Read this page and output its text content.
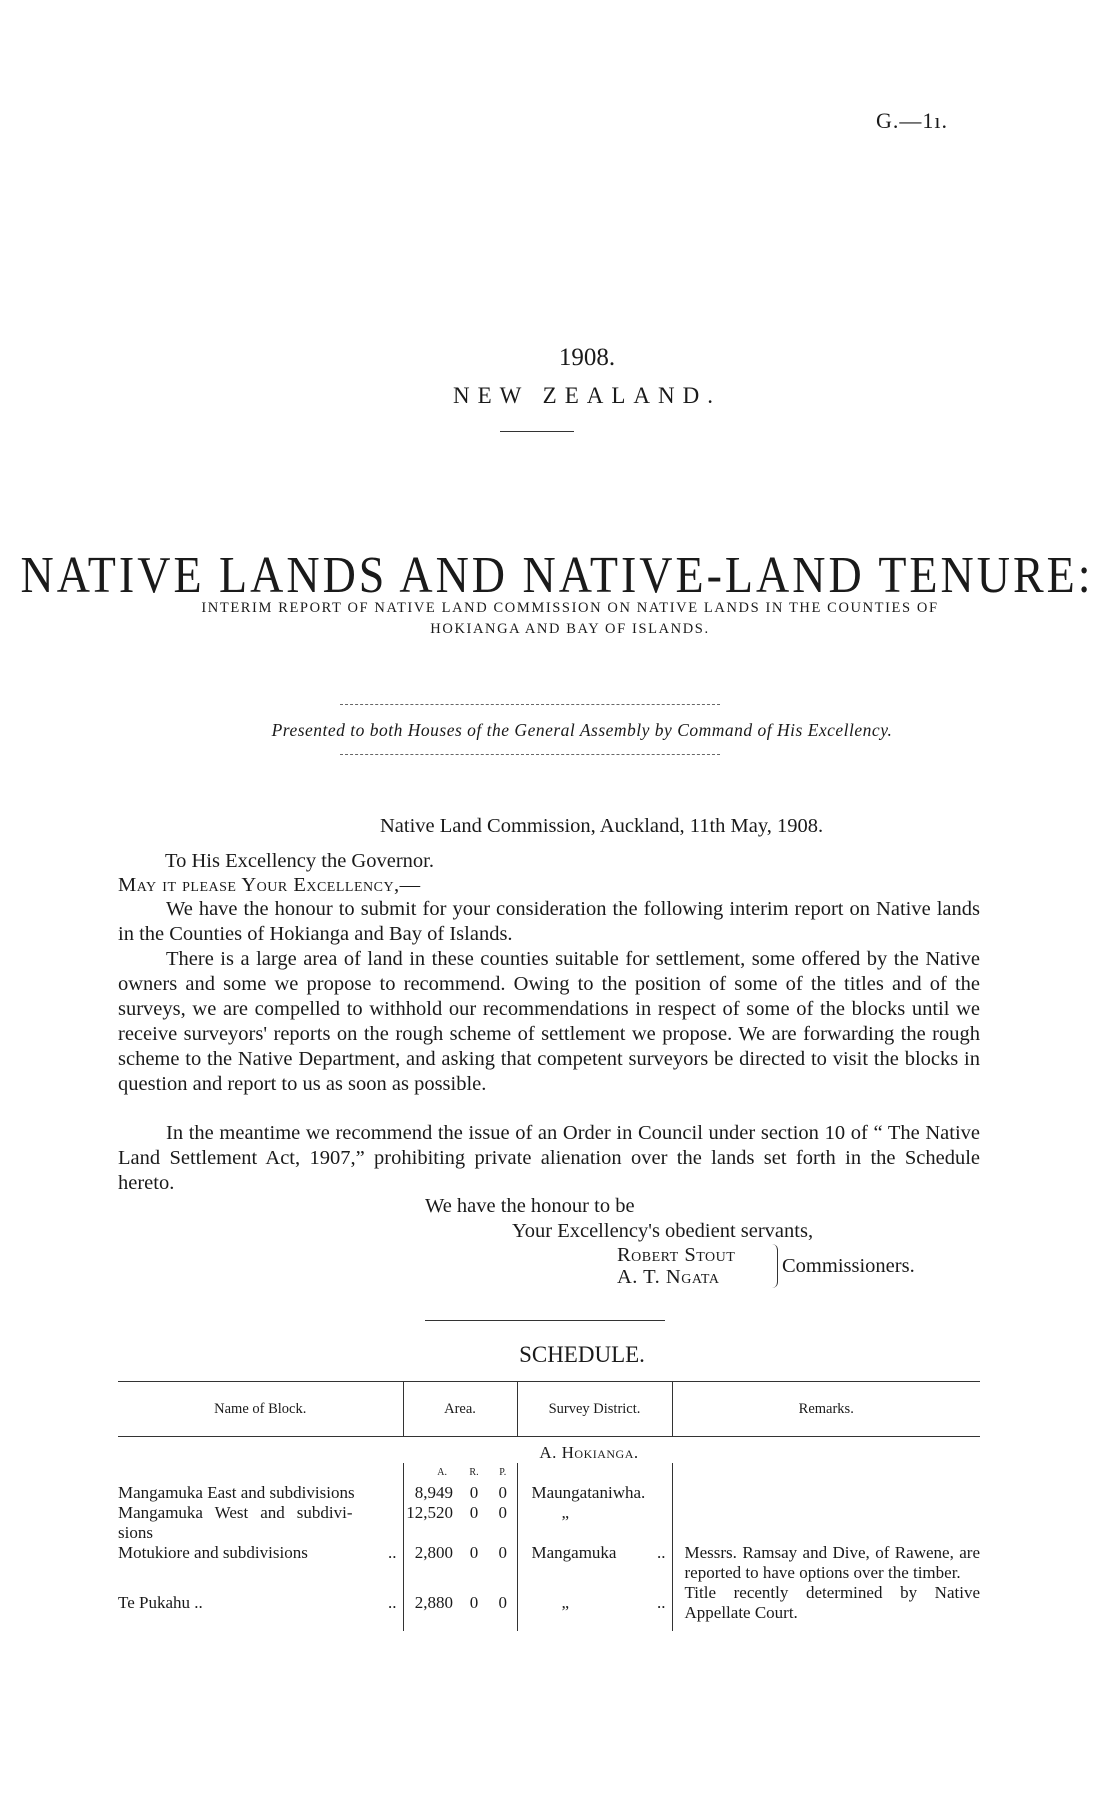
G.—1ı.
1908.
NEW ZEALAND.
NATIVE LANDS AND NATIVE-LAND TENURE:
INTERIM REPORT OF NATIVE LAND COMMISSION ON NATIVE LANDS IN THE COUNTIES OF
HOKIANGA AND BAY OF ISLANDS.
Presented to both Houses of the General Assembly by Command of His Excellency.
Native Land Commission, Auckland, 11th May, 1908.
To His Excellency the Governor.
May it please Your Excellency,—
We have the honour to submit for your consideration the following interim report on Native lands in the Counties of Hokianga and Bay of Islands.
There is a large area of land in these counties suitable for settlement, some offered by the Native owners and some we propose to recommend. Owing to the position of some of the titles and of the surveys, we are compelled to withhold our recommendations in respect of some of the blocks until we receive surveyors' reports on the rough scheme of settlement we propose. We are forwarding the rough scheme to the Native Department, and asking that competent surveyors be directed to visit the blocks in question and report to us as soon as possible.
In the meantime we recommend the issue of an Order in Council under section 10 of “ The Native Land Settlement Act, 1907,” prohibiting private alienation over the lands set forth in the Schedule hereto.
We have the honour to be
Your Excellency's obedient servants,
Robert Stout
A. T. Ngata	Commissioners.
SCHEDULE.
Name of Block.	Area.			Survey District.	Remarks.
A. Hokianga.					
	A.	R.	P.		
Mangamuka East and subdivisions	8,949	0	0	Maungataniwha.	
Mangamuka West and subdivi- sions	12,520	0	0	„	
Motukiore and subdivisions ..	2,800	0	0	Mangamuka ..	Messrs. Ramsay and Dive, of Rawene, are reported to have options over the timber.
Te Pukahu .. ..	2,880	0	0	„ ..	Title recently determined by Native Appellate Court.
